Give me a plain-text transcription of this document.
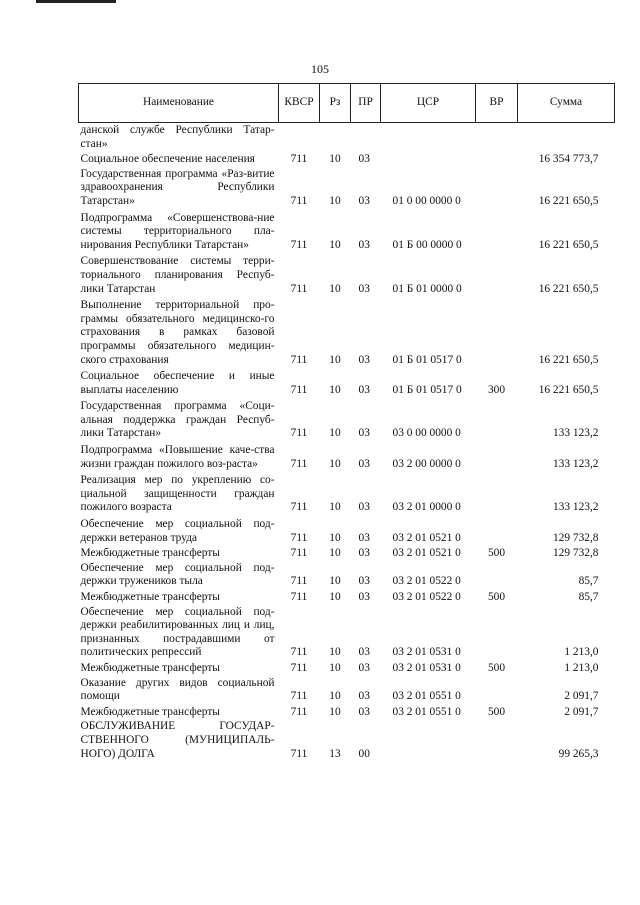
105
Наименование	КВСР	Рз	ПР	ЦСР	ВР	Сумма
данской службе Республики Татар-стан»						
Социальное обеспечение населения	711	10	03			16 354 773,7
Государственная программа «Раз-витие здравоохранения Республики Татарстан»	711	10	03	01 0 00 0000 0		16 221 650,5
Подпрограмма «Совершенствова-ние системы территориального пла-нирования Республики Татарстан»	711	10	03	01 Б 00 0000 0		16 221 650,5
Совершенствование системы терри-ториального планирования Респуб-лики Татарстан	711	10	03	01 Б 01 0000 0		16 221 650,5
Выполнение территориальной про-граммы обязательного медицинско-го страхования в рамках базовой программы обязательного медицин-ского страхования	711	10	03	01 Б 01 0517 0		16 221 650,5
Социальное обеспечение и иные выплаты населению	711	10	03	01 Б 01 0517 0	300	16 221 650,5
Государственная программа «Соци-альная поддержка граждан Респуб-лики Татарстан»	711	10	03	03 0 00 0000 0		133 123,2
Подпрограмма «Повышение каче-ства жизни граждан пожилого воз-раста»	711	10	03	03 2 00 0000 0		133 123,2
Реализация мер по укреплению со-циальной защищенности граждан пожилого возраста	711	10	03	03 2 01 0000 0		133 123,2
Обеспечение мер социальной под-держки ветеранов труда	711	10	03	03 2 01 0521 0		129 732,8
Межбюджетные трансферты	711	10	03	03 2 01 0521 0	500	129 732,8
Обеспечение мер социальной под-держки тружеников тыла	711	10	03	03 2 01 0522 0		85,7
Межбюджетные трансферты	711	10	03	03 2 01 0522 0	500	85,7
Обеспечение мер социальной под-держки реабилитированных лиц и лиц, признанных пострадавшими от политических репрессий	711	10	03	03 2 01 0531 0		1 213,0
Межбюджетные трансферты	711	10	03	03 2 01 0531 0	500	1 213,0
Оказание других видов социальной помощи	711	10	03	03 2 01 0551 0		2 091,7
Межбюджетные трансферты	711	10	03	03 2 01 0551 0	500	2 091,7
ОБСЛУЖИВАНИЕ ГОСУДАР-СТВЕННОГО (МУНИЦИПАЛЬ-НОГО) ДОЛГА	711	13	00			99 265,3
